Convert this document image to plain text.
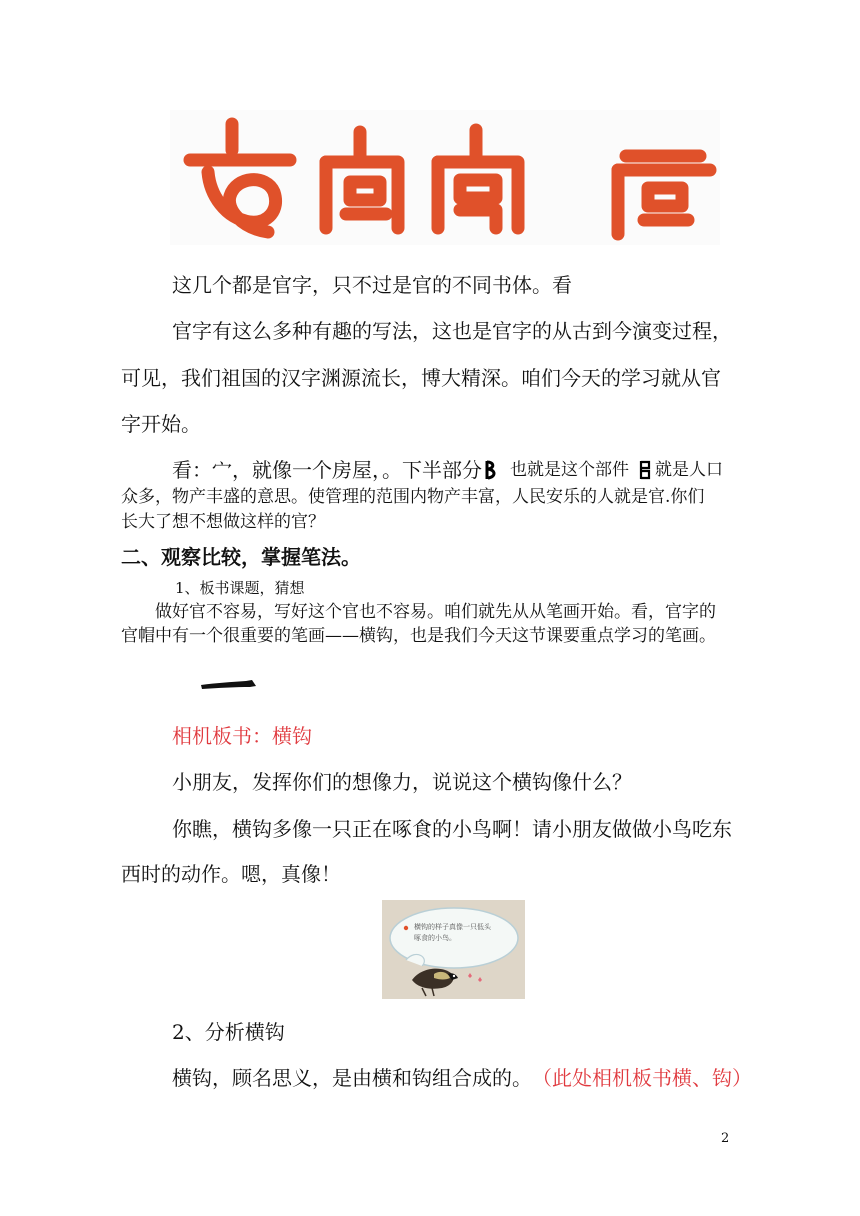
这几个都是官字，只不过是官的不同书体。看
官字有这么多种有趣的写法，这也是官字的从古到今演变过程，
可见，我们祖国的汉字渊源流长，博大精深。咱们今天的学习就从官
字开始。
看：宀，就像一个房屋，。下半部分 也就是这个部件 就是人口
众多，物产丰盛的意思。使管理的范围内物产丰富，人民安乐的人就是官.你们
长大了想不想做这样的官？
二、观察比较，掌握笔法。
1、板书课题，猜想
做好官不容易，写好这个官也不容易。咱们就先从从笔画开始。看，官字的
官帽中有一个很重要的笔画——横钩，也是我们今天这节课要重点学习的笔画。
相机板书：横钩
小朋友，发挥你们的想像力，说说这个横钩像什么？
你瞧，横钩多像一只正在啄食的小鸟啊！请小朋友做做小鸟吃东
西时的动作。嗯，真像！
横钩的样子真像一只低头啄食的小鸟。
2、分析横钩
横钩，顾名思义，是由横和钩组合成的。 （此处相机板书横、钩）
2
